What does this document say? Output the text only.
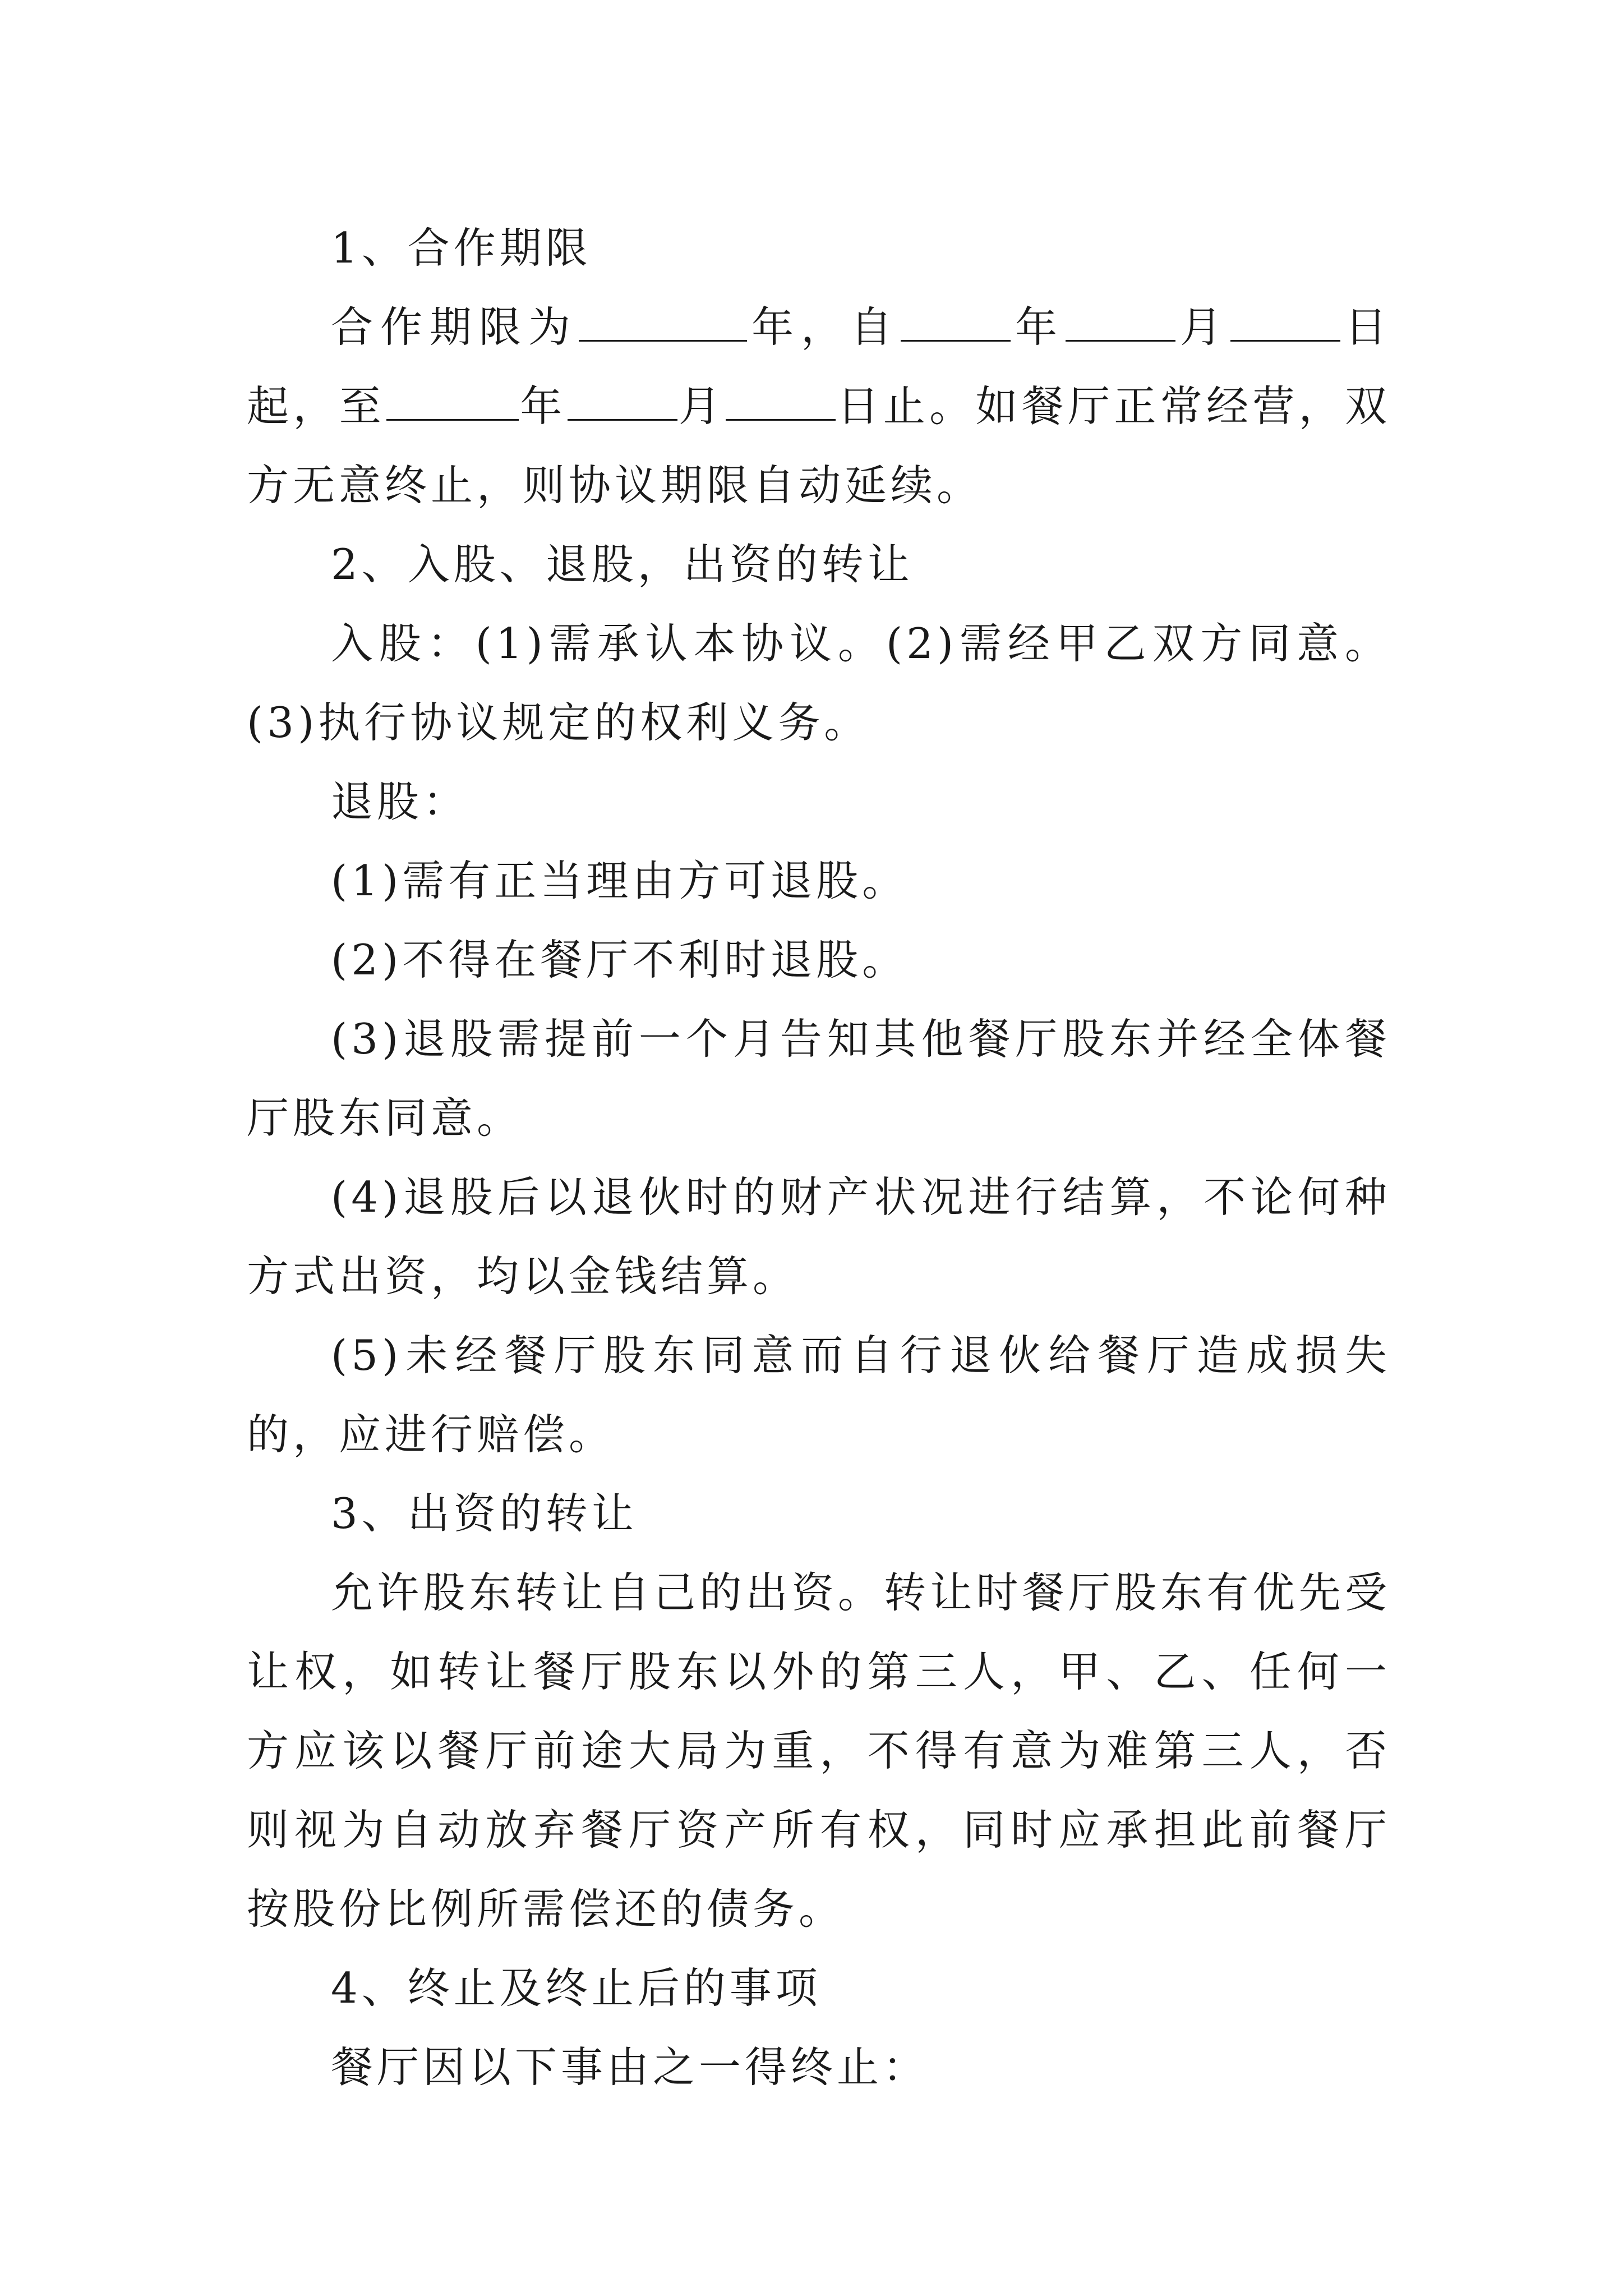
1、合作期限

合作期限为	年，自	年	月	日起，至	年	月	日止。如餐厅正常经营，双方无意终止，则协议期限自动延续。

2、入股、退股，出资的转让

入股：(1)需承认本协议。(2)需经甲乙双方同意。(3)执行协议规定的权利义务。

退股：

(1)需有正当理由方可退股。

(2)不得在餐厅不利时退股。

(3)退股需提前一个月告知其他餐厅股东并经全体餐厅股东同意。

(4)退股后以退伙时的财产状况进行结算，不论何种方式出资，均以金钱结算。

(5)未经餐厅股东同意而自行退伙给餐厅造成损失的，应进行赔偿。

3、出资的转让

允许股东转让自己的出资。转让时餐厅股东有优先受让权，如转让餐厅股东以外的第三人，甲、乙、任何一方应该以餐厅前途大局为重，不得有意为难第三人，否则视为自动放弃餐厅资产所有权，同时应承担此前餐厅按股份比例所需偿还的债务。

4、终止及终止后的事项

餐厅因以下事由之一得终止：
